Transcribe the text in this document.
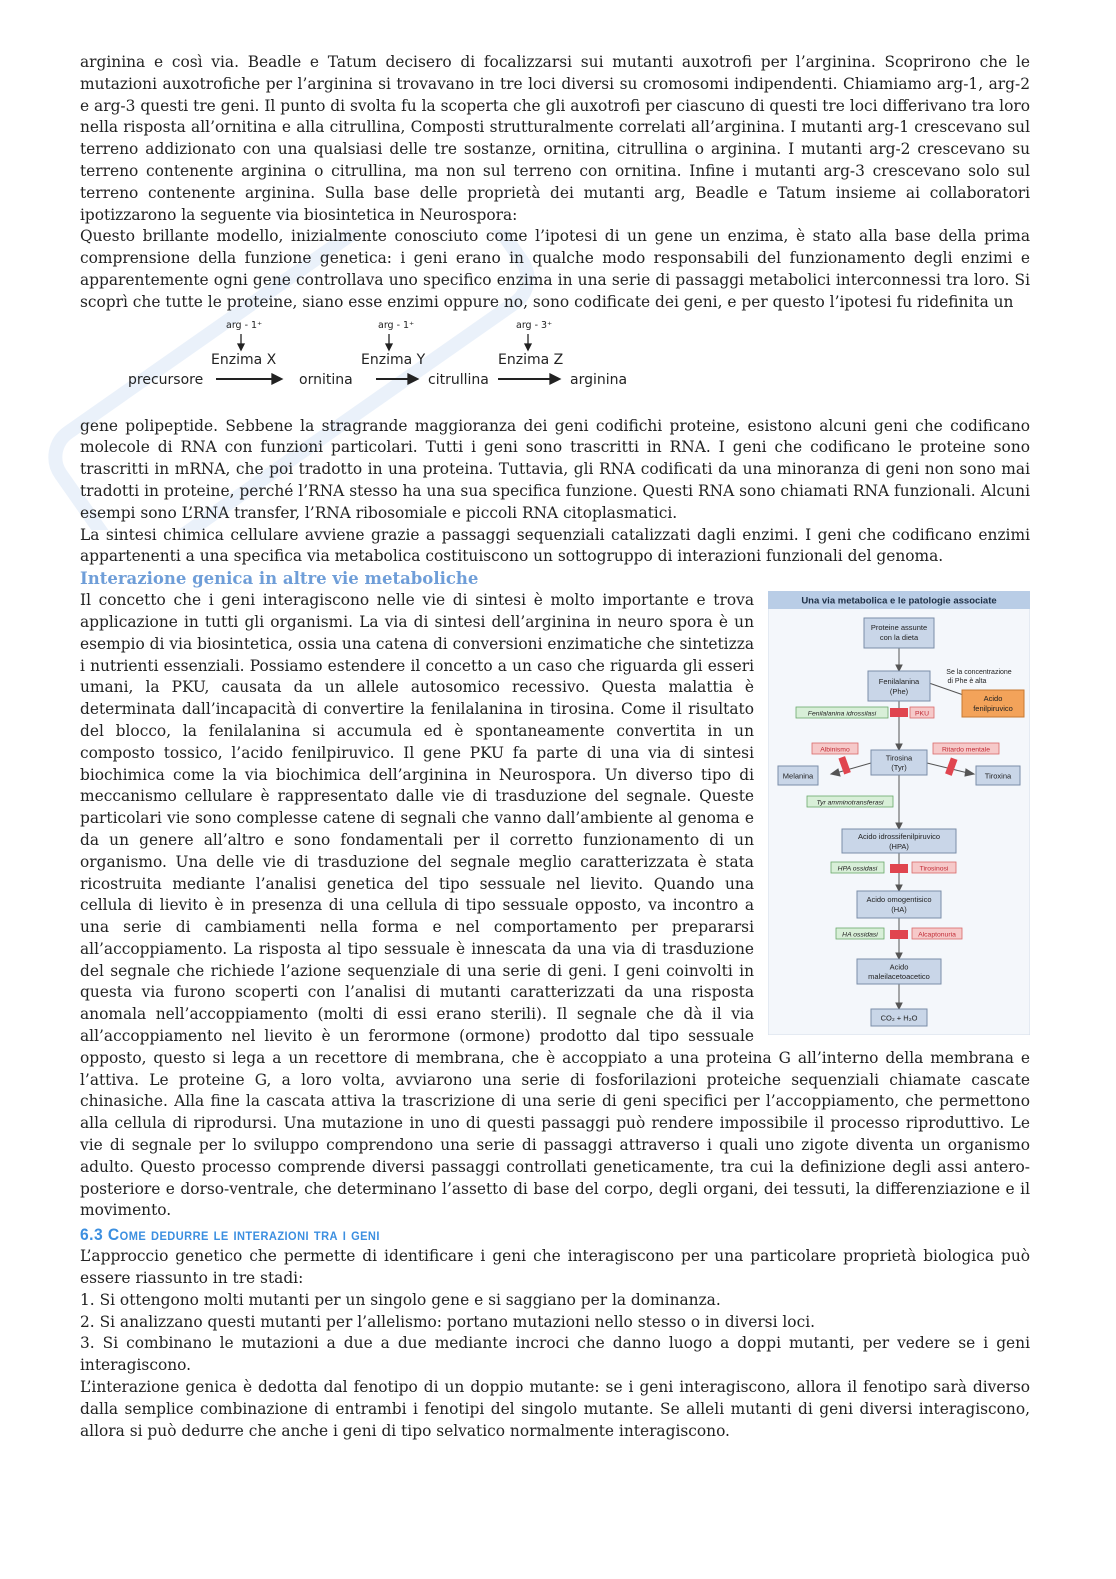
arginina e così via. Beadle e Tatum decisero di focalizzarsi sui mutanti auxotrofi per l’arginina. Scoprirono che le mutazioni auxotrofiche per l’arginina si trovavano in tre loci diversi su cromosomi indipendenti. Chiamiamo arg-1, arg-2 e arg-3 questi tre geni. Il punto di svolta fu la scoperta che gli auxotrofi per ciascuno di questi tre loci differivano tra loro nella risposta all’ornitina e alla citrullina, Composti strutturalmente correlati all’arginina. I mutanti arg-1 crescevano sul terreno addizionato con una qualsiasi delle tre sostanze, ornitina, citrullina o arginina. I mutanti arg-2 crescevano su terreno contenente arginina o citrullina, ma non sul terreno con ornitina. Infine i mutanti arg-3 crescevano solo sul terreno contenente arginina. Sulla base delle proprietà dei mutanti arg, Beadle e Tatum insieme ai collaboratori ipotizzarono la seguente via biosintetica in Neurospora:

Questo brillante modello, inizialmente conosciuto come l’ipotesi di un gene un enzima, è stato alla base della prima comprensione della funzione genetica: i geni erano in qualche modo responsabili del funzionamento degli enzimi e apparentemente ogni gene controllava uno specifico enzima in una serie di passaggi metabolici interconnessi tra loro. Si scoprì che tutte le proteine, siano esse enzimi oppure no, sono codificate dei geni, e per questo l’ipotesi fu ridefinita un

arg - 1⁺	arg - 1⁺	arg - 3⁺
Enzima X	Enzima Y	Enzima Z
precursore	ornitina	citrullina	arginina

gene polipeptide. Sebbene la stragrande maggioranza dei geni codifichi proteine, esistono alcuni geni che codificano molecole di RNA con funzioni particolari. Tutti i geni sono trascritti in RNA. I geni che codificano le proteine sono trascritti in mRNA, che poi tradotto in una proteina. Tuttavia, gli RNA codificati da una minoranza di geni non sono mai tradotti in proteine, perché l’RNA stesso ha una sua specifica funzione. Questi RNA sono chiamati RNA funzionali. Alcuni esempi sono L’RNA transfer, l’RNA ribosomiale e piccoli RNA citoplasmatici.

La sintesi chimica cellulare avviene grazie a passaggi sequenziali catalizzati dagli enzimi. I geni che codificano enzimi appartenenti a una specifica via metabolica costituiscono un sottogruppo di interazioni funzionali del genoma.

Interazione genica in altre vie metaboliche
Una via metabolica e le patologie associate
Proteine assunte
con la dieta
Fenilalanina
(Phe)
Se la concentrazione
di Phe è alta
Acido
fenilpiruvico
Fenilalanina idrossilasi	PKU
Albinismo	Ritardo mentale
Tirosina
(Tyr)
Melanina	Tiroxina
Tyr amminotransferasi
Acido idrossifenilpiruvico
(HPA)
HPA ossidasi	Tirosinosi
Acido omogentisico
(HA)
HA ossidasi	Alcaptonuria
Acido
maleilacetoacetico
CO₂ + H₂O

Il concetto che i geni interagiscono nelle vie di sintesi è molto importante e trova applicazione in tutti gli organismi. La via di sintesi dell’arginina in neuro spora è un esempio di via biosintetica, ossia una catena di conversioni enzimatiche che sintetizza i nutrienti essenziali. Possiamo estendere il concetto a un caso che riguarda gli esseri umani, la PKU, causata da un allele autosomico recessivo. Questa malattia è determinata dall’incapacità di convertire la fenilalanina in tirosina. Come il risultato del blocco, la fenilalanina si accumula ed è spontaneamente convertita in un composto tossico, l’acido fenilpiruvico. Il gene PKU fa parte di una via di sintesi biochimica come la via biochimica dell’arginina in Neurospora. Un diverso tipo di meccanismo cellulare è rappresentato dalle vie di trasduzione del segnale. Queste particolari vie sono complesse catene di segnali che vanno dall’ambiente al genoma e da un genere all’altro e sono fondamentali per il corretto funzionamento di un organismo. Una delle vie di trasduzione del segnale meglio caratterizzata è stata ricostruita mediante l’analisi genetica del tipo sessuale nel lievito. Quando una cellula di lievito è in presenza di una cellula di tipo sessuale opposto, va incontro a una serie di cambiamenti nella forma e nel comportamento per prepararsi all’accoppiamento. La risposta al tipo sessuale è innescata da una via di trasduzione del segnale che richiede l’azione sequenziale di una serie di geni. I geni coinvolti in questa via furono scoperti con l’analisi di mutanti caratterizzati da una risposta anomala nell’accoppiamento (molti di essi erano sterili). Il segnale che dà il via all’accoppiamento nel lievito è un ferormone (ormone) prodotto dal tipo sessuale opposto, questo si lega a un recettore di membrana, che è accoppiato a una proteina G all’interno della membrana e l’attiva. Le proteine G, a loro volta, avviarono una serie di fosforilazioni proteiche sequenziali chiamate cascate chinasiche. Alla fine la cascata attiva la trascrizione di una serie di geni specifici per l’accoppiamento, che permettono alla cellula di riprodursi. Una mutazione in uno di questi passaggi può rendere impossibile il processo riproduttivo. Le vie di segnale per lo sviluppo comprendono una serie di passaggi attraverso i quali uno zigote diventa un organismo adulto. Questo processo comprende diversi passaggi controllati geneticamente, tra cui la definizione degli assi antero-posteriore e dorso-ventrale, che determinano l’assetto di base del corpo, degli organi, dei tessuti, la differenziazione e il movimento.

6.3 Come dedurre le interazioni tra i geni

L’approccio genetico che permette di identificare i geni che interagiscono per una particolare proprietà biologica può essere riassunto in tre stadi:

1. Si ottengono molti mutanti per un singolo gene e si saggiano per la dominanza.

2. Si analizzano questi mutanti per l’allelismo: portano mutazioni nello stesso o in diversi loci.

3. Si combinano le mutazioni a due a due mediante incroci che danno luogo a doppi mutanti, per vedere se i geni interagiscono.

L’interazione genica è dedotta dal fenotipo di un doppio mutante: se i geni interagiscono, allora il fenotipo sarà diverso dalla semplice combinazione di entrambi i fenotipi del singolo mutante. Se alleli mutanti di geni diversi interagiscono, allora si può dedurre che anche i geni di tipo selvatico normalmente interagiscono.
